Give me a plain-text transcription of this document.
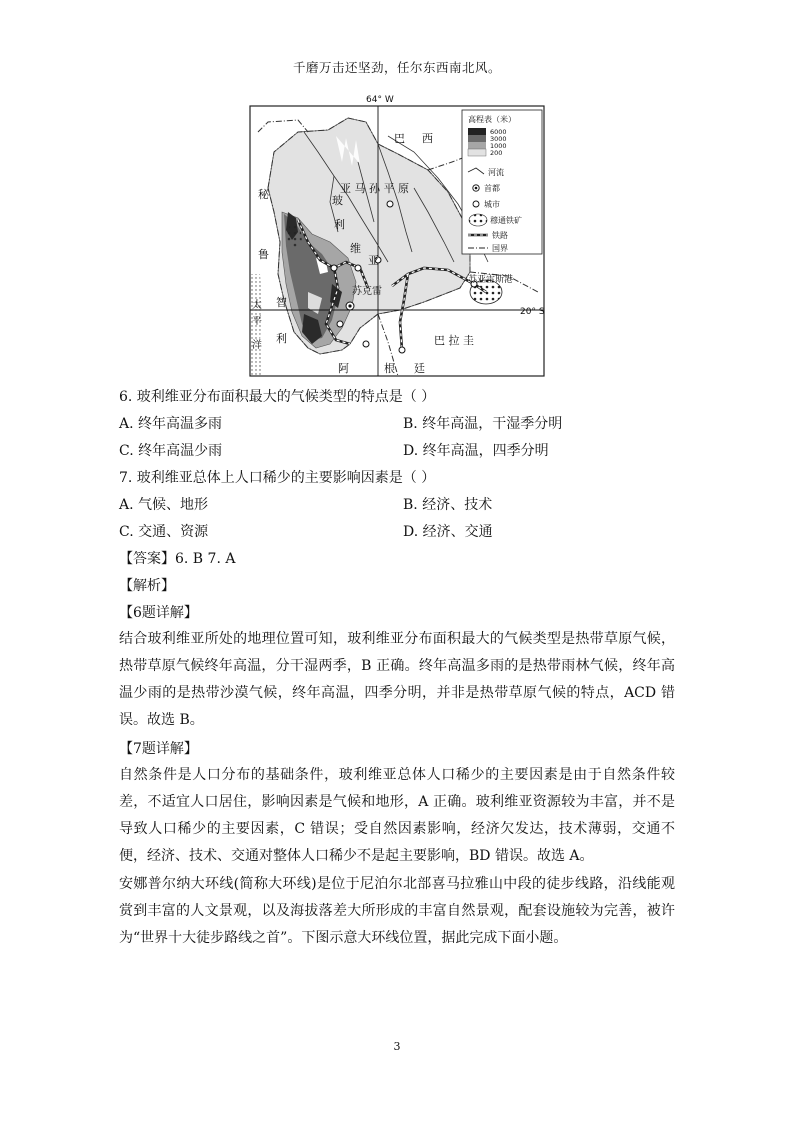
千磨万击还坚劲，任尔东西南北风。
64° W
20° S
巴 西
亚 马 孙 平 原
玻
利
维
亚
秘
鲁
智
利
太
平
洋
阿	根 廷
巴 拉 圭
苏克雷
苏亚雷斯港
高程表（米）
6000
3000
1000
200
河流
首都
城市
穆通铁矿
铁路
国界
6. 玻利维亚分布面积最大的气候类型的特点是（ ）
A. 终年高温多雨	B. 终年高温，干湿季分明
C. 终年高温少雨	D. 终年高温，四季分明
7. 玻利维亚总体上人口稀少的主要影响因素是（ ）
A. 气候、地形	B. 经济、技术
C. 交通、资源	D. 经济、交通
【答案】6. B 7. A
【解析】
【6题详解】
结合玻利维亚所处的地理位置可知，玻利维亚分布面积最大的气候类型是热带草原气候，热带草原气候终年高温，分干湿两季，B 正确。终年高温多雨的是热带雨林气候，终年高温少雨的是热带沙漠气候，终年高温，四季分明，并非是热带草原气候的特点，ACD 错误。故选 B。
【7题详解】
自然条件是人口分布的基础条件，玻利维亚总体人口稀少的主要因素是由于自然条件较差，不适宜人口居住，影响因素是气候和地形，A 正确。玻利维亚资源较为丰富，并不是导致人口稀少的主要因素，C 错误；受自然因素影响，经济欠发达，技术薄弱，交通不便，经济、技术、交通对整体人口稀少不是起主要影响，BD 错误。故选 A。
安娜普尔纳大环线(简称大环线)是位于尼泊尔北部喜马拉雅山中段的徒步线路，沿线能观赏到丰富的人文景观，以及海拔落差大所形成的丰富自然景观，配套设施较为完善，被许为“世界十大徒步路线之首”。下图示意大环线位置，据此完成下面小题。
3
